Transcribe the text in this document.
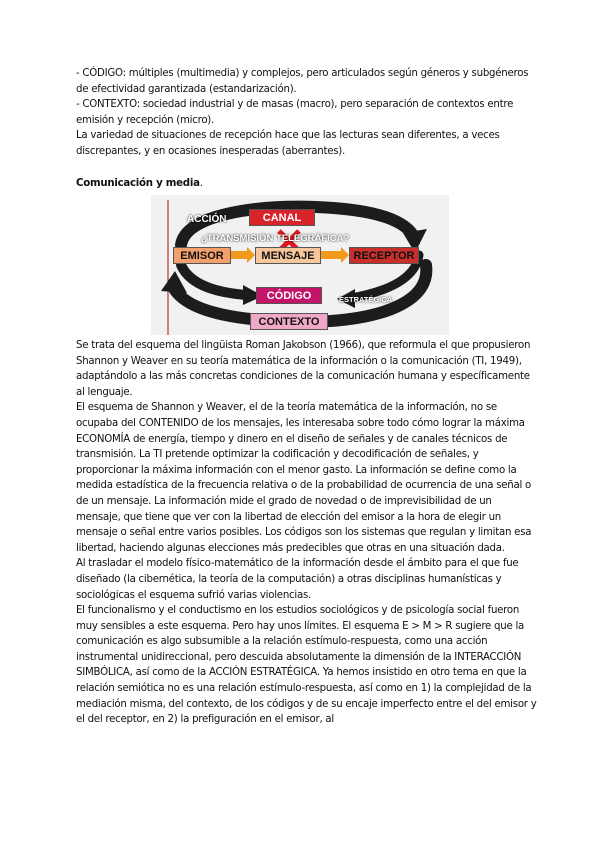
- CÓDIGO: múltiples (multimedia) y complejos, pero articulados según géneros y subgéneros de efectividad garantizada (estandarización).

- CONTEXTO: sociedad industrial y de masas (macro), pero separación de contextos entre emisión y recepción (micro).

La variedad de situaciones de recepción hace que las lecturas sean diferentes, a veces discrepantes, y en ocasiones inesperadas (aberrantes).

Comunicación y media.
ACCIÓN	CANAL
¿TRANSMISIÓN TELEGRÁFICA?
EMISOR	MENSAJE	RECEPTOR
CÓDIGO	ESTRATÉGICA
CONTEXTO

Se trata del esquema del lingüista Roman Jakobson (1966), que reformula el que propusieron Shannon y Weaver en su teoría matemática de la información o la comunicación (TI, 1949), adaptándolo a las más concretas condiciones de la comunicación humana y específicamente al lenguaje.

El esquema de Shannon y Weaver, el de la teoría matemática de la información, no se ocupaba del CONTENIDO de los mensajes, les interesaba sobre todo cómo lograr la máxima ECONOMÍA de energía, tiempo y dinero en el diseño de señales y de canales técnicos de transmisión. La TI pretende optimizar la codificación y decodificación de señales, y proporcionar la máxima información con el menor gasto. La información se define como la medida estadística de la frecuencia relativa o de la probabilidad de ocurrencia de una señal o de un mensaje. La información mide el grado de novedad o de imprevisibilidad de un mensaje, que tiene que ver con la libertad de elección del emisor a la hora de elegir un mensaje o señal entre varios posibles. Los códigos son los sistemas que regulan y limitan esa libertad, haciendo algunas elecciones más predecibles que otras en una situación dada.

Al trasladar el modelo físico-matemático de la información desde el ámbito para el que fue diseñado (la cibernética, la teoría de la computación) a otras disciplinas humanísticas y sociológicas el esquema sufrió varias violencias.

El funcionalismo y el conductismo en los estudios sociológicos y de psicología social fueron muy sensibles a este esquema. Pero hay unos límites. El esquema E > M > R sugiere que la comunicación es algo subsumible a la relación estímulo-respuesta, como una acción instrumental unidireccional, pero descuida absolutamente la dimensión de la INTERACCIÓN SIMBÓLICA, así como de la ACCIÓN ESTRATÉGICA. Ya hemos insistido en otro tema en que la relación semiótica no es una relación estímulo-respuesta, así como en 1) la complejidad de la mediación misma, del contexto, de los códigos y de su encaje imperfecto entre el del emisor y el del receptor, en 2) la prefiguración en el emisor, al
